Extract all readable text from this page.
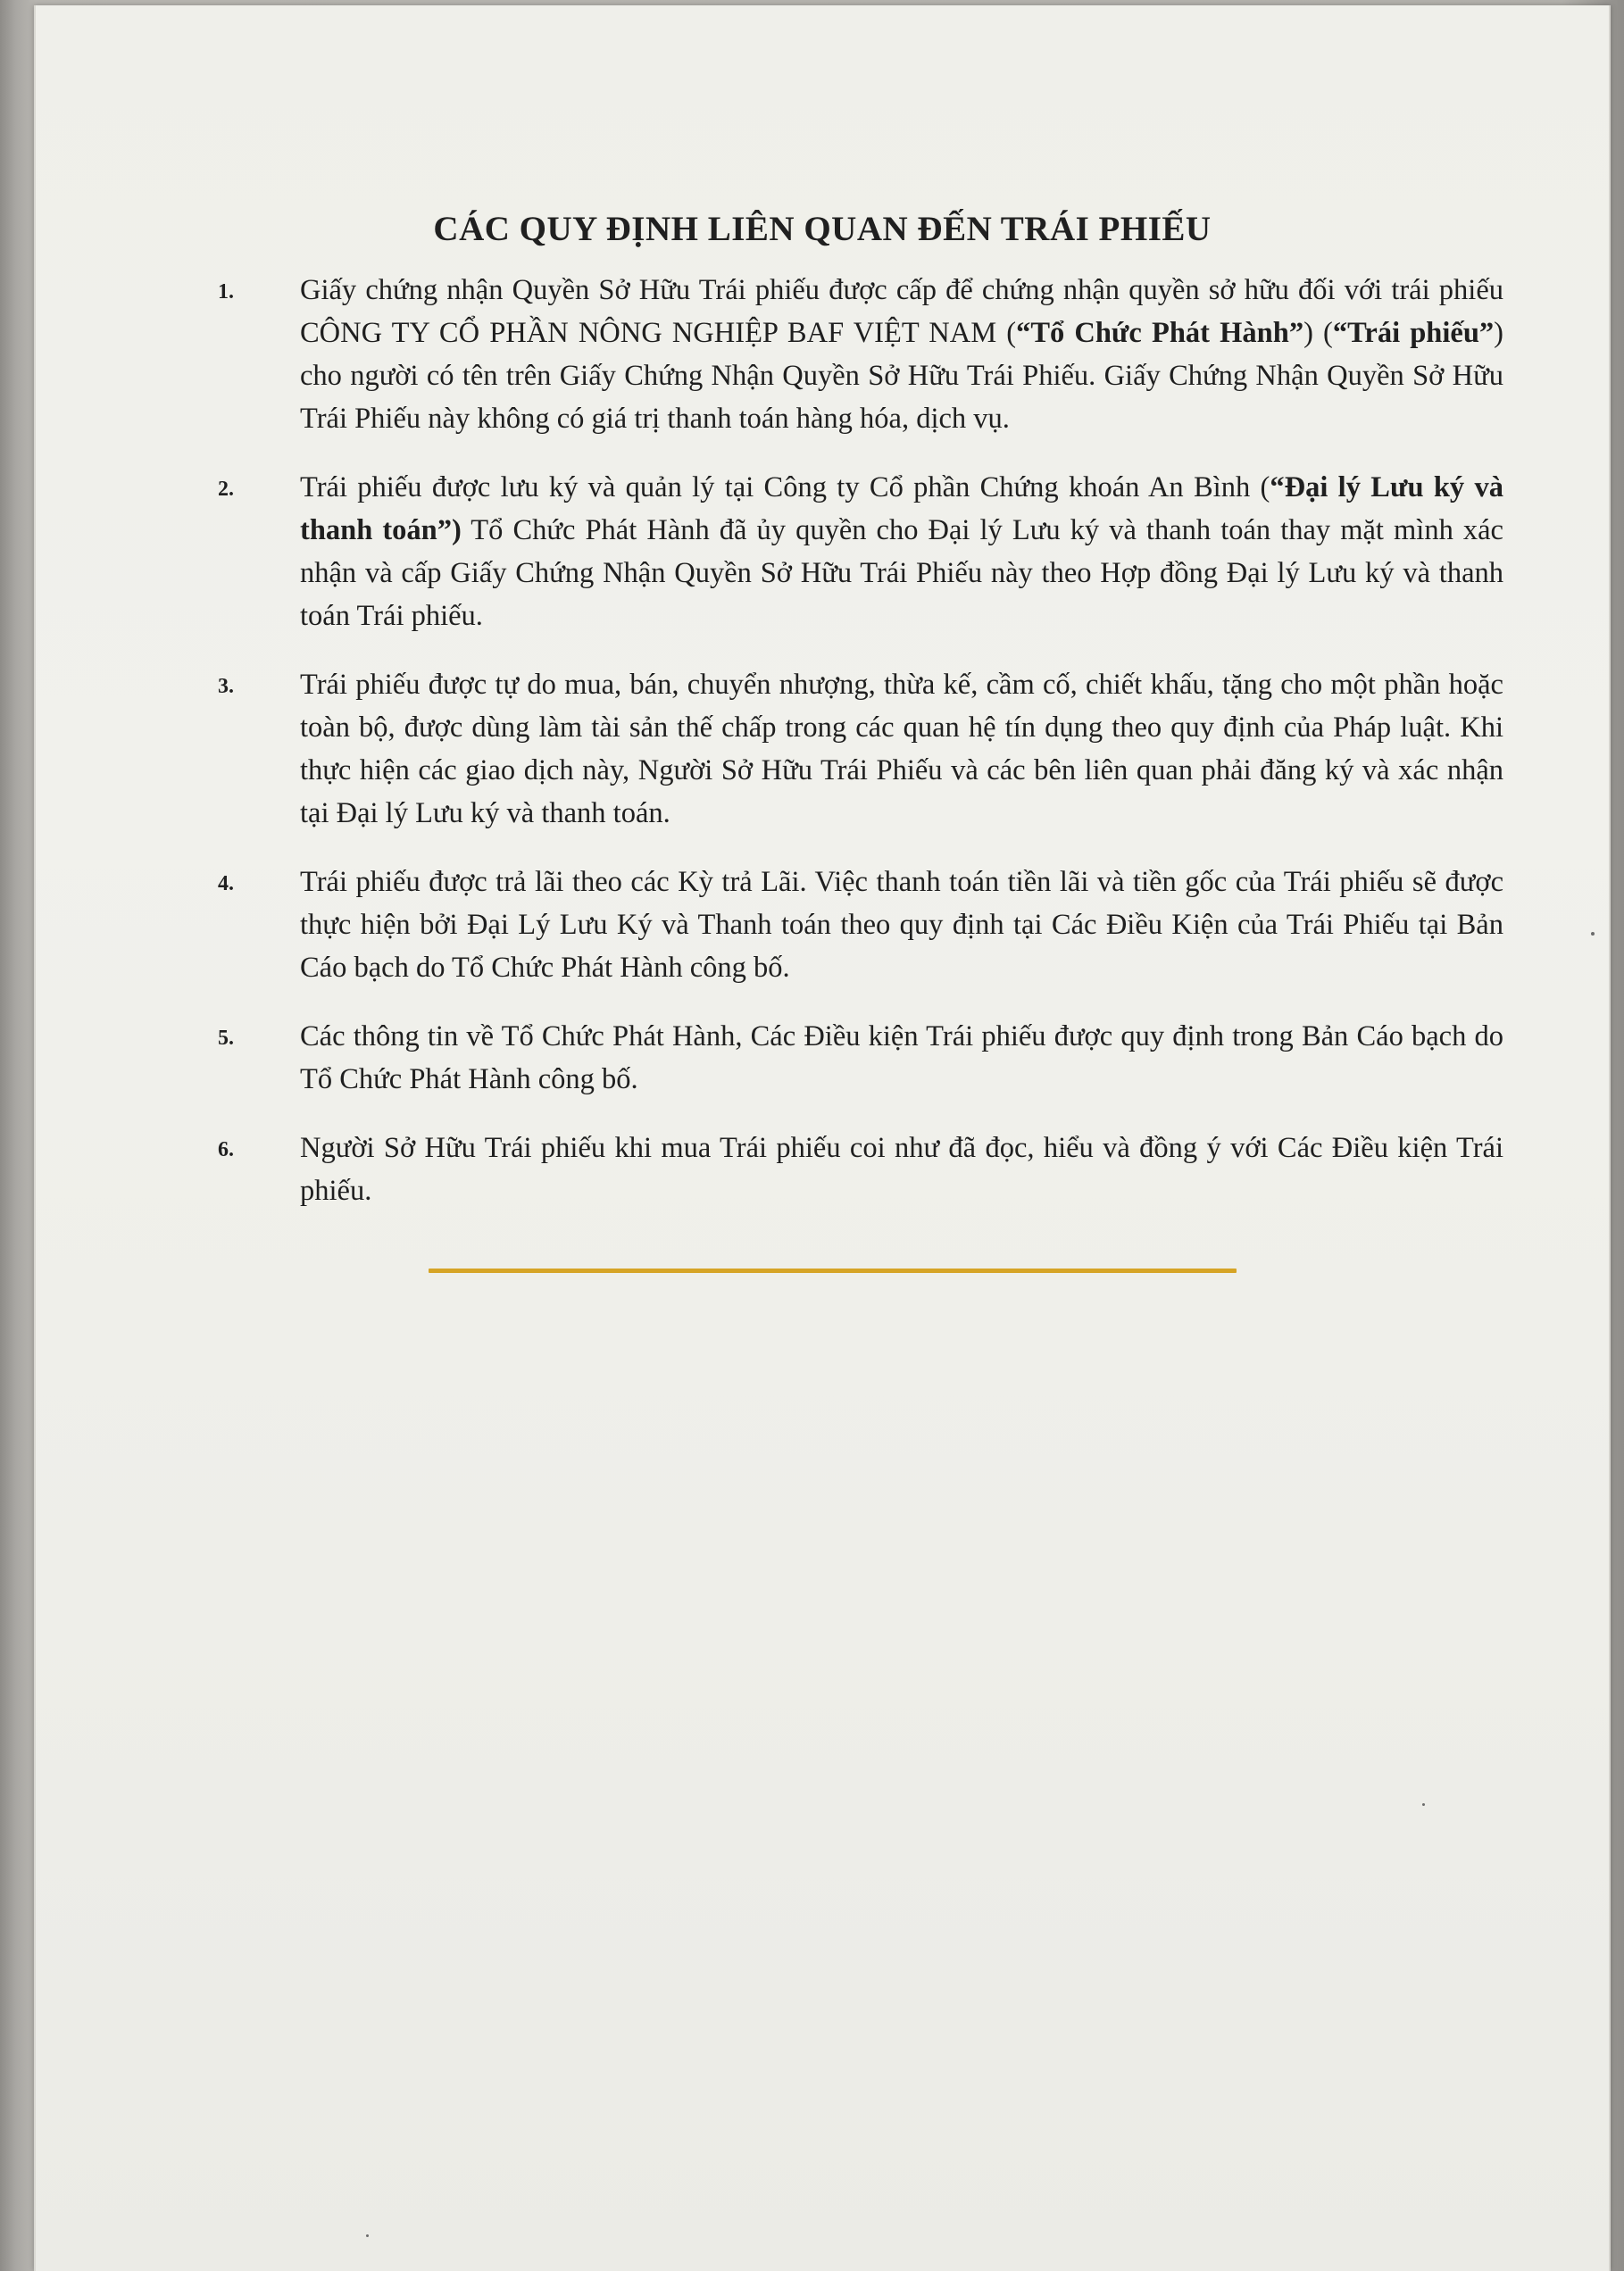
CÁC QUY ĐỊNH LIÊN QUAN ĐẾN TRÁI PHIẾU
1. Giấy chứng nhận Quyền Sở Hữu Trái phiếu được cấp để chứng nhận quyền sở hữu đối với trái phiếu CÔNG TY CỔ PHẦN NÔNG NGHIỆP BAF VIỆT NAM (“Tổ Chức Phát Hành”) (“Trái phiếu”) cho người có tên trên Giấy Chứng Nhận Quyền Sở Hữu Trái Phiếu. Giấy Chứng Nhận Quyền Sở Hữu Trái Phiếu này không có giá trị thanh toán hàng hóa, dịch vụ.
2. Trái phiếu được lưu ký và quản lý tại Công ty Cổ phần Chứng khoán An Bình (“Đại lý Lưu ký và thanh toán”) Tổ Chức Phát Hành đã ủy quyền cho Đại lý Lưu ký và thanh toán thay mặt mình xác nhận và cấp Giấy Chứng Nhận Quyền Sở Hữu Trái Phiếu này theo Hợp đồng Đại lý Lưu ký và thanh toán Trái phiếu.
3. Trái phiếu được tự do mua, bán, chuyển nhượng, thừa kế, cầm cố, chiết khấu, tặng cho một phần hoặc toàn bộ, được dùng làm tài sản thế chấp trong các quan hệ tín dụng theo quy định của Pháp luật. Khi thực hiện các giao dịch này, Người Sở Hữu Trái Phiếu và các bên liên quan phải đăng ký và xác nhận tại Đại lý Lưu ký và thanh toán.
4. Trái phiếu được trả lãi theo các Kỳ trả Lãi. Việc thanh toán tiền lãi và tiền gốc của Trái phiếu sẽ được thực hiện bởi Đại Lý Lưu Ký và Thanh toán theo quy định tại Các Điều Kiện của Trái Phiếu tại Bản Cáo bạch do Tổ Chức Phát Hành công bố.
5. Các thông tin về Tổ Chức Phát Hành, Các Điều kiện Trái phiếu được quy định trong Bản Cáo bạch do Tổ Chức Phát Hành công bố.
6. Người Sở Hữu Trái phiếu khi mua Trái phiếu coi như đã đọc, hiểu và đồng ý với Các Điều kiện Trái phiếu.
